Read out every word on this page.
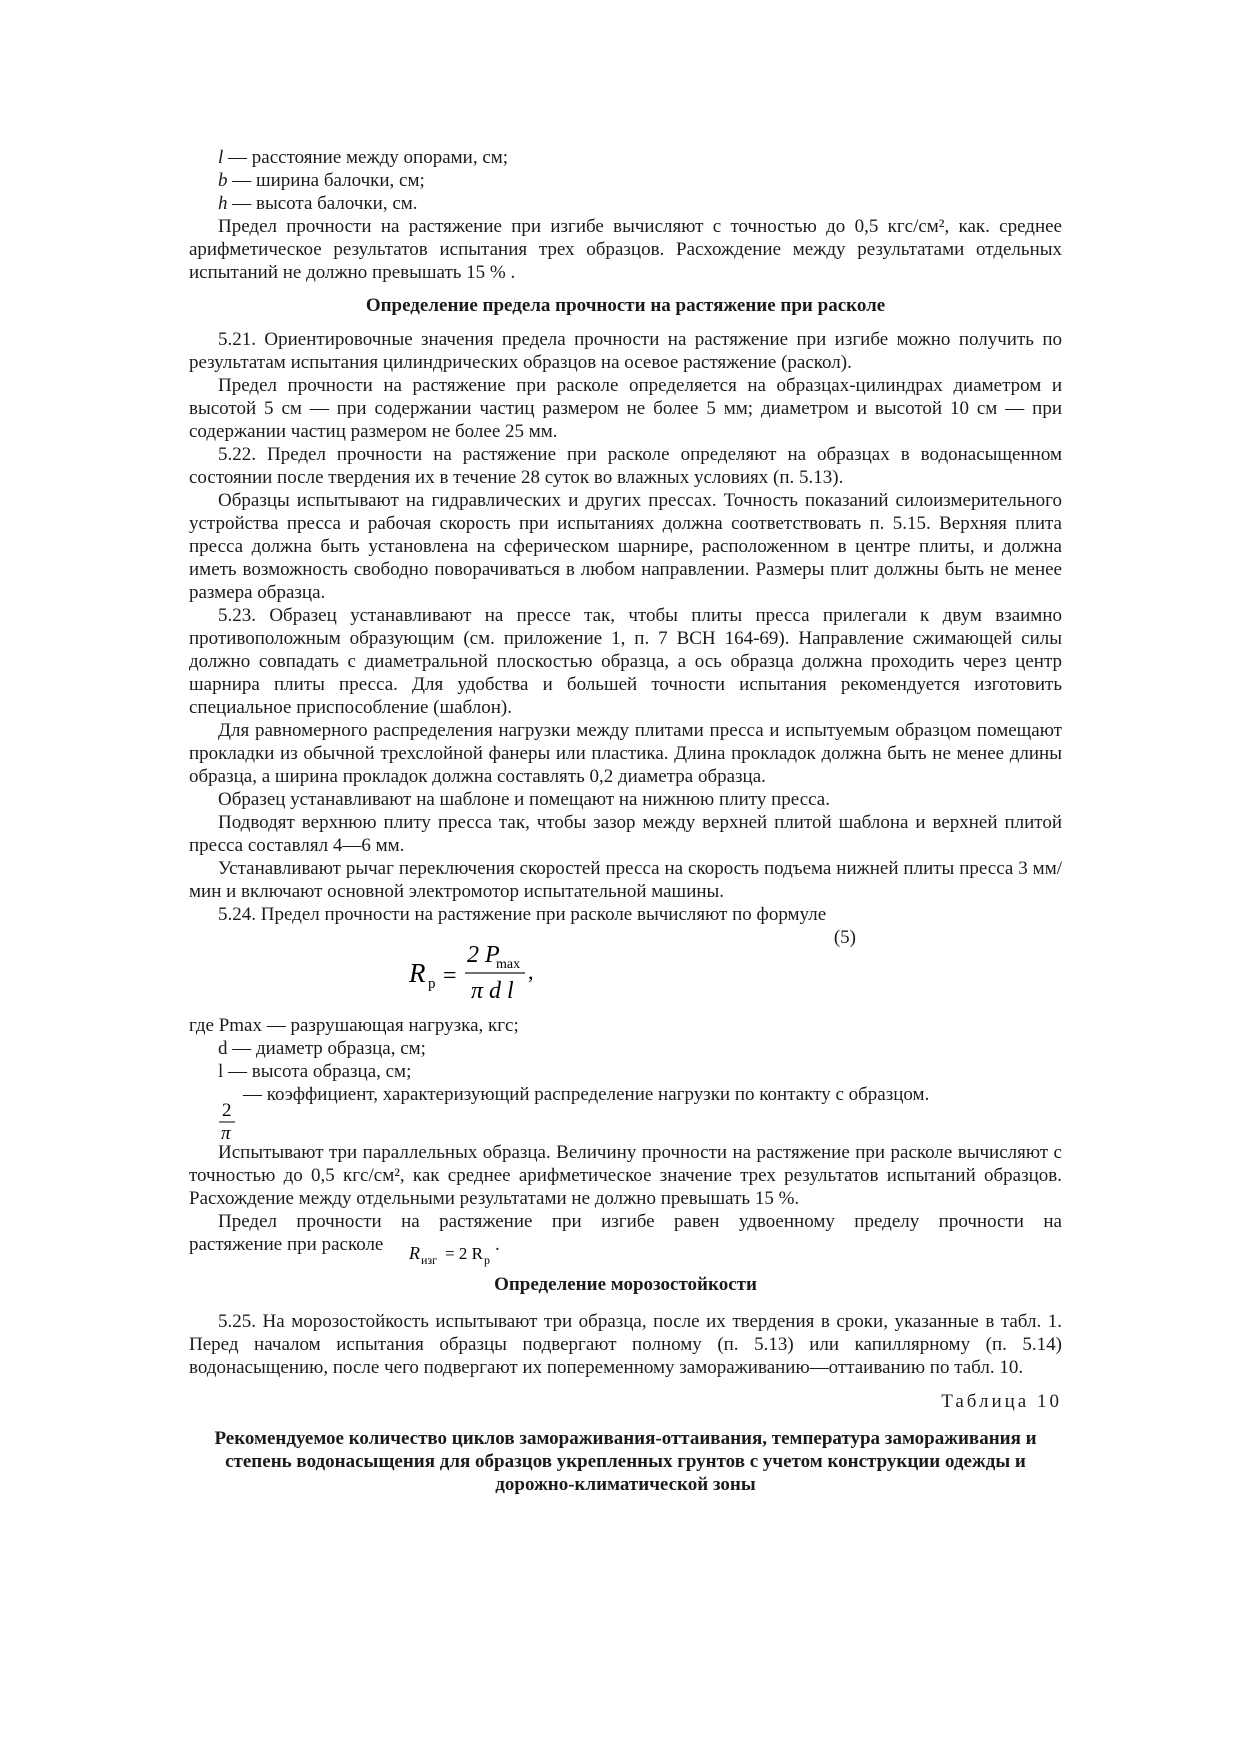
l — расстояние между опорами, см;

b — ширина балочки, см;

h — высота балочки, см.

Предел прочности на растяжение при изгибе вычисляют с точностью до 0,5 кгс/см², как. среднее арифметическое результатов испытания трех образцов. Расхождение между результатами отдельных испытаний не должно превышать 15 % .

Определение предела прочности на растяжение при расколе

5.21. Ориентировочные значения предела прочности на растяжение при изгибе можно получить по результатам испытания цилиндрических образцов на осевое растяжение (раскол).

Предел прочности на растяжение при расколе определяется на образцах-цилиндрах диаметром и высотой 5 см — при содержании частиц размером не более 5 мм; диаметром и высотой 10 см — при содержании частиц размером не более 25 мм.

5.22. Предел прочности на растяжение при расколе определяют на образцах в водонасыщенном состоянии после твердения их в течение 28 суток во влажных условиях (п. 5.13).

Образцы испытывают на гидравлических и других прессах. Точность показаний силоизмерительного устройства пресса и рабочая скорость при испытаниях должна соответствовать п. 5.15. Верхняя плита пресса должна быть установлена на сферическом шарнире, расположенном в центре плиты, и должна иметь возможность свободно поворачиваться в любом направлении. Размеры плит должны быть не менее размера образца.

5.23. Образец устанавливают на прессе так, чтобы плиты пресса прилегали к двум взаимно противоположным образующим (см. приложение 1, п. 7 ВСН 164-69). Направление сжимающей силы должно совпадать с диаметральной плоскостью образца, а ось образца должна проходить через центр шарнира плиты пресса. Для удобства и большей точности испытания рекомендуется изготовить специальное приспособление (шаблон).

Для равномерного распределения нагрузки между плитами пресса и испытуемым образцом помещают прокладки из обычной трехслойной фанеры или пластика. Длина прокладок должна быть не менее длины образца, а ширина прокладок должна составлять 0,2 диаметра образца.

Образец устанавливают на шаблоне и помещают на нижнюю плиту пресса.

Подводят верхнюю плиту пресса так, чтобы зазор между верхней плитой шаблона и верхней плитой пресса составлял 4—6 мм.

Устанавливают рычаг переключения скоростей пресса на скорость подъема нижней плиты пресса 3 мм/мин и включают основной электромотор испытательной машины.

5.24. Предел прочности на растяжение при расколе вычисляют по формуле

(5)
R р =
2 P
max
π d l
,

где Pmax — разрушающая нагрузка, кгс;

d — диаметр образца, см;

l — высота образца, см;

2
π
— коэффициент, характеризующий распределение нагрузки по контакту с образцом.

Испытывают три параллельных образца. Величину прочности на растяжение при расколе вычисляют с точностью до 0,5 кгс/см², как среднее арифметическое значение трех результатов испытаний образцов. Расхождение между отдельными результатами не должно превышать 15 %.

Предел прочности на растяжение при изгибе равен удвоенному пределу прочности на

растяжение при расколе R изг = 2 R р
.
Определение морозостойкости

5.25. На морозостойкость испытывают три образца, после их твердения в сроки, указанные в табл. 1. Перед началом испытания образцы подвергают полному (п. 5.13) или капиллярному (п. 5.14) водонасыщению, после чего подвергают их попеременному замораживанию—оттаиванию по табл. 10.

Таблица 10

Рекомендуемое количество циклов замораживания-оттаивания, температура замораживания и степень водонасыщения для образцов укрепленных грунтов с учетом конструкции одежды и дорожно-климатической зоны
